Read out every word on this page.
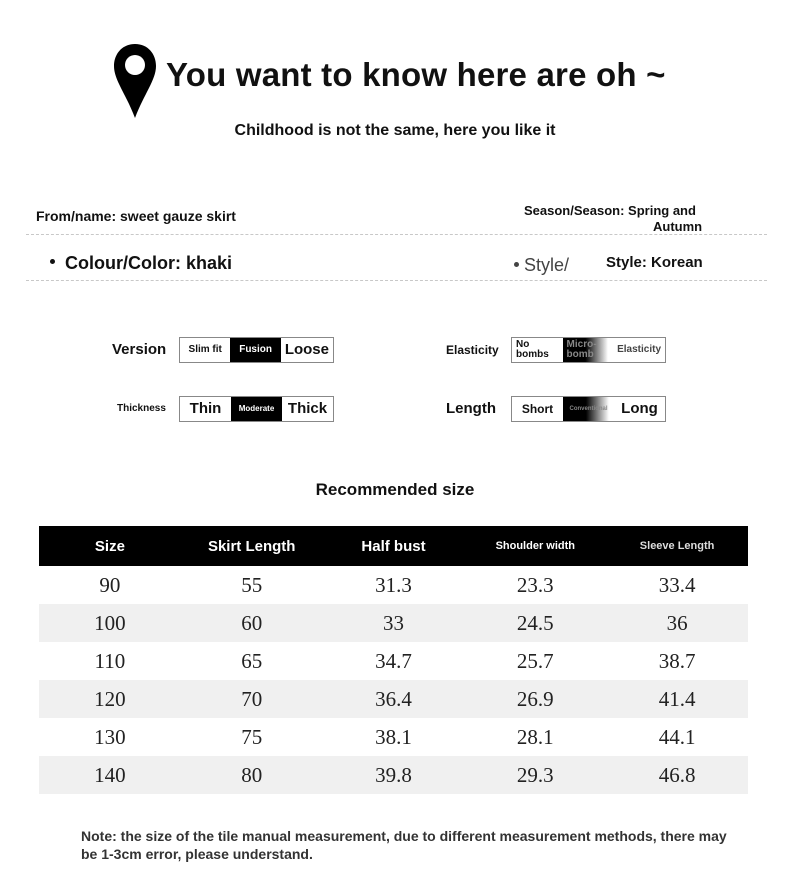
You want to know here are oh ~
Childhood is not the same, here you like it
From/name: sweet gauze skirt	Season/Season: Spring and
Autumn
Colour/Color: khaki	Style/ Style: Korean
Version	Slim fit	Fusion Loose	Elasticity	No bombs
Micro-bomb	Elasticity
Thickness	Thin	Moderate Thick	Length	Short	Conventional Long
Recommended size
Size	Skirt Length	Half bust	Shoulder width	Sleeve Length
90	55	31.3	23.3	33.4
100	60	33	24.5	36
110	65	34.7	25.7	38.7
120	70	36.4	26.9	41.4
130	75	38.1	28.1	44.1
140	80	39.8	29.3	46.8
Note: the size of the tile manual measurement, due to different measurement methods, there may be 1-3cm error, please understand.
